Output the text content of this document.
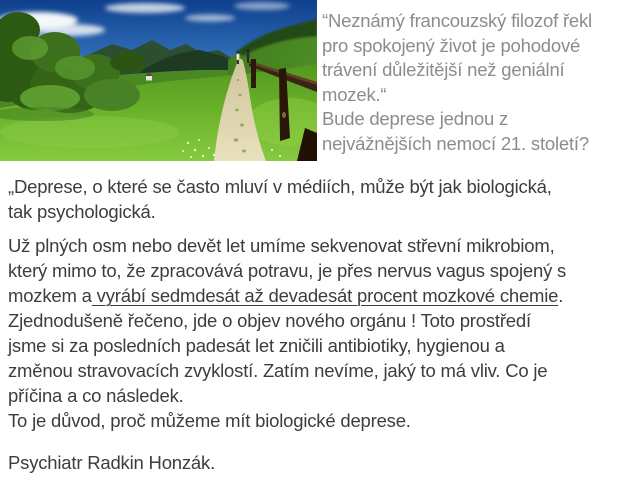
“Neznámý francouzský filozof řekl
pro spokojený život je pohodové
trávení důležitější než geniální
mozek.“
Bude deprese jednou z
nejvážnějších nemocí 21. století?
„Deprese, o které se často mluví v médiích, může být jak biologická,
tak psychologická.
Už plných osm nebo devět let umíme sekvenovat střevní mikrobiom,
který mimo to, že zpracovává potravu, je přes nervus vagus spojený s
mozkem a vyrábí sedmdesát až devadesát procent mozkové chemie.
Zjednodušeně řečeno, jde o objev nového orgánu ! Toto prostředí
jsme si za posledních padesát let zničili antibiotiky, hygienou a
změnou stravovacích zvyklostí. Zatím nevíme, jaký to má vliv. Co je
příčina a co následek.
To je důvod, proč můžeme mít biologické deprese.
Psychiatr Radkin Honzák.
